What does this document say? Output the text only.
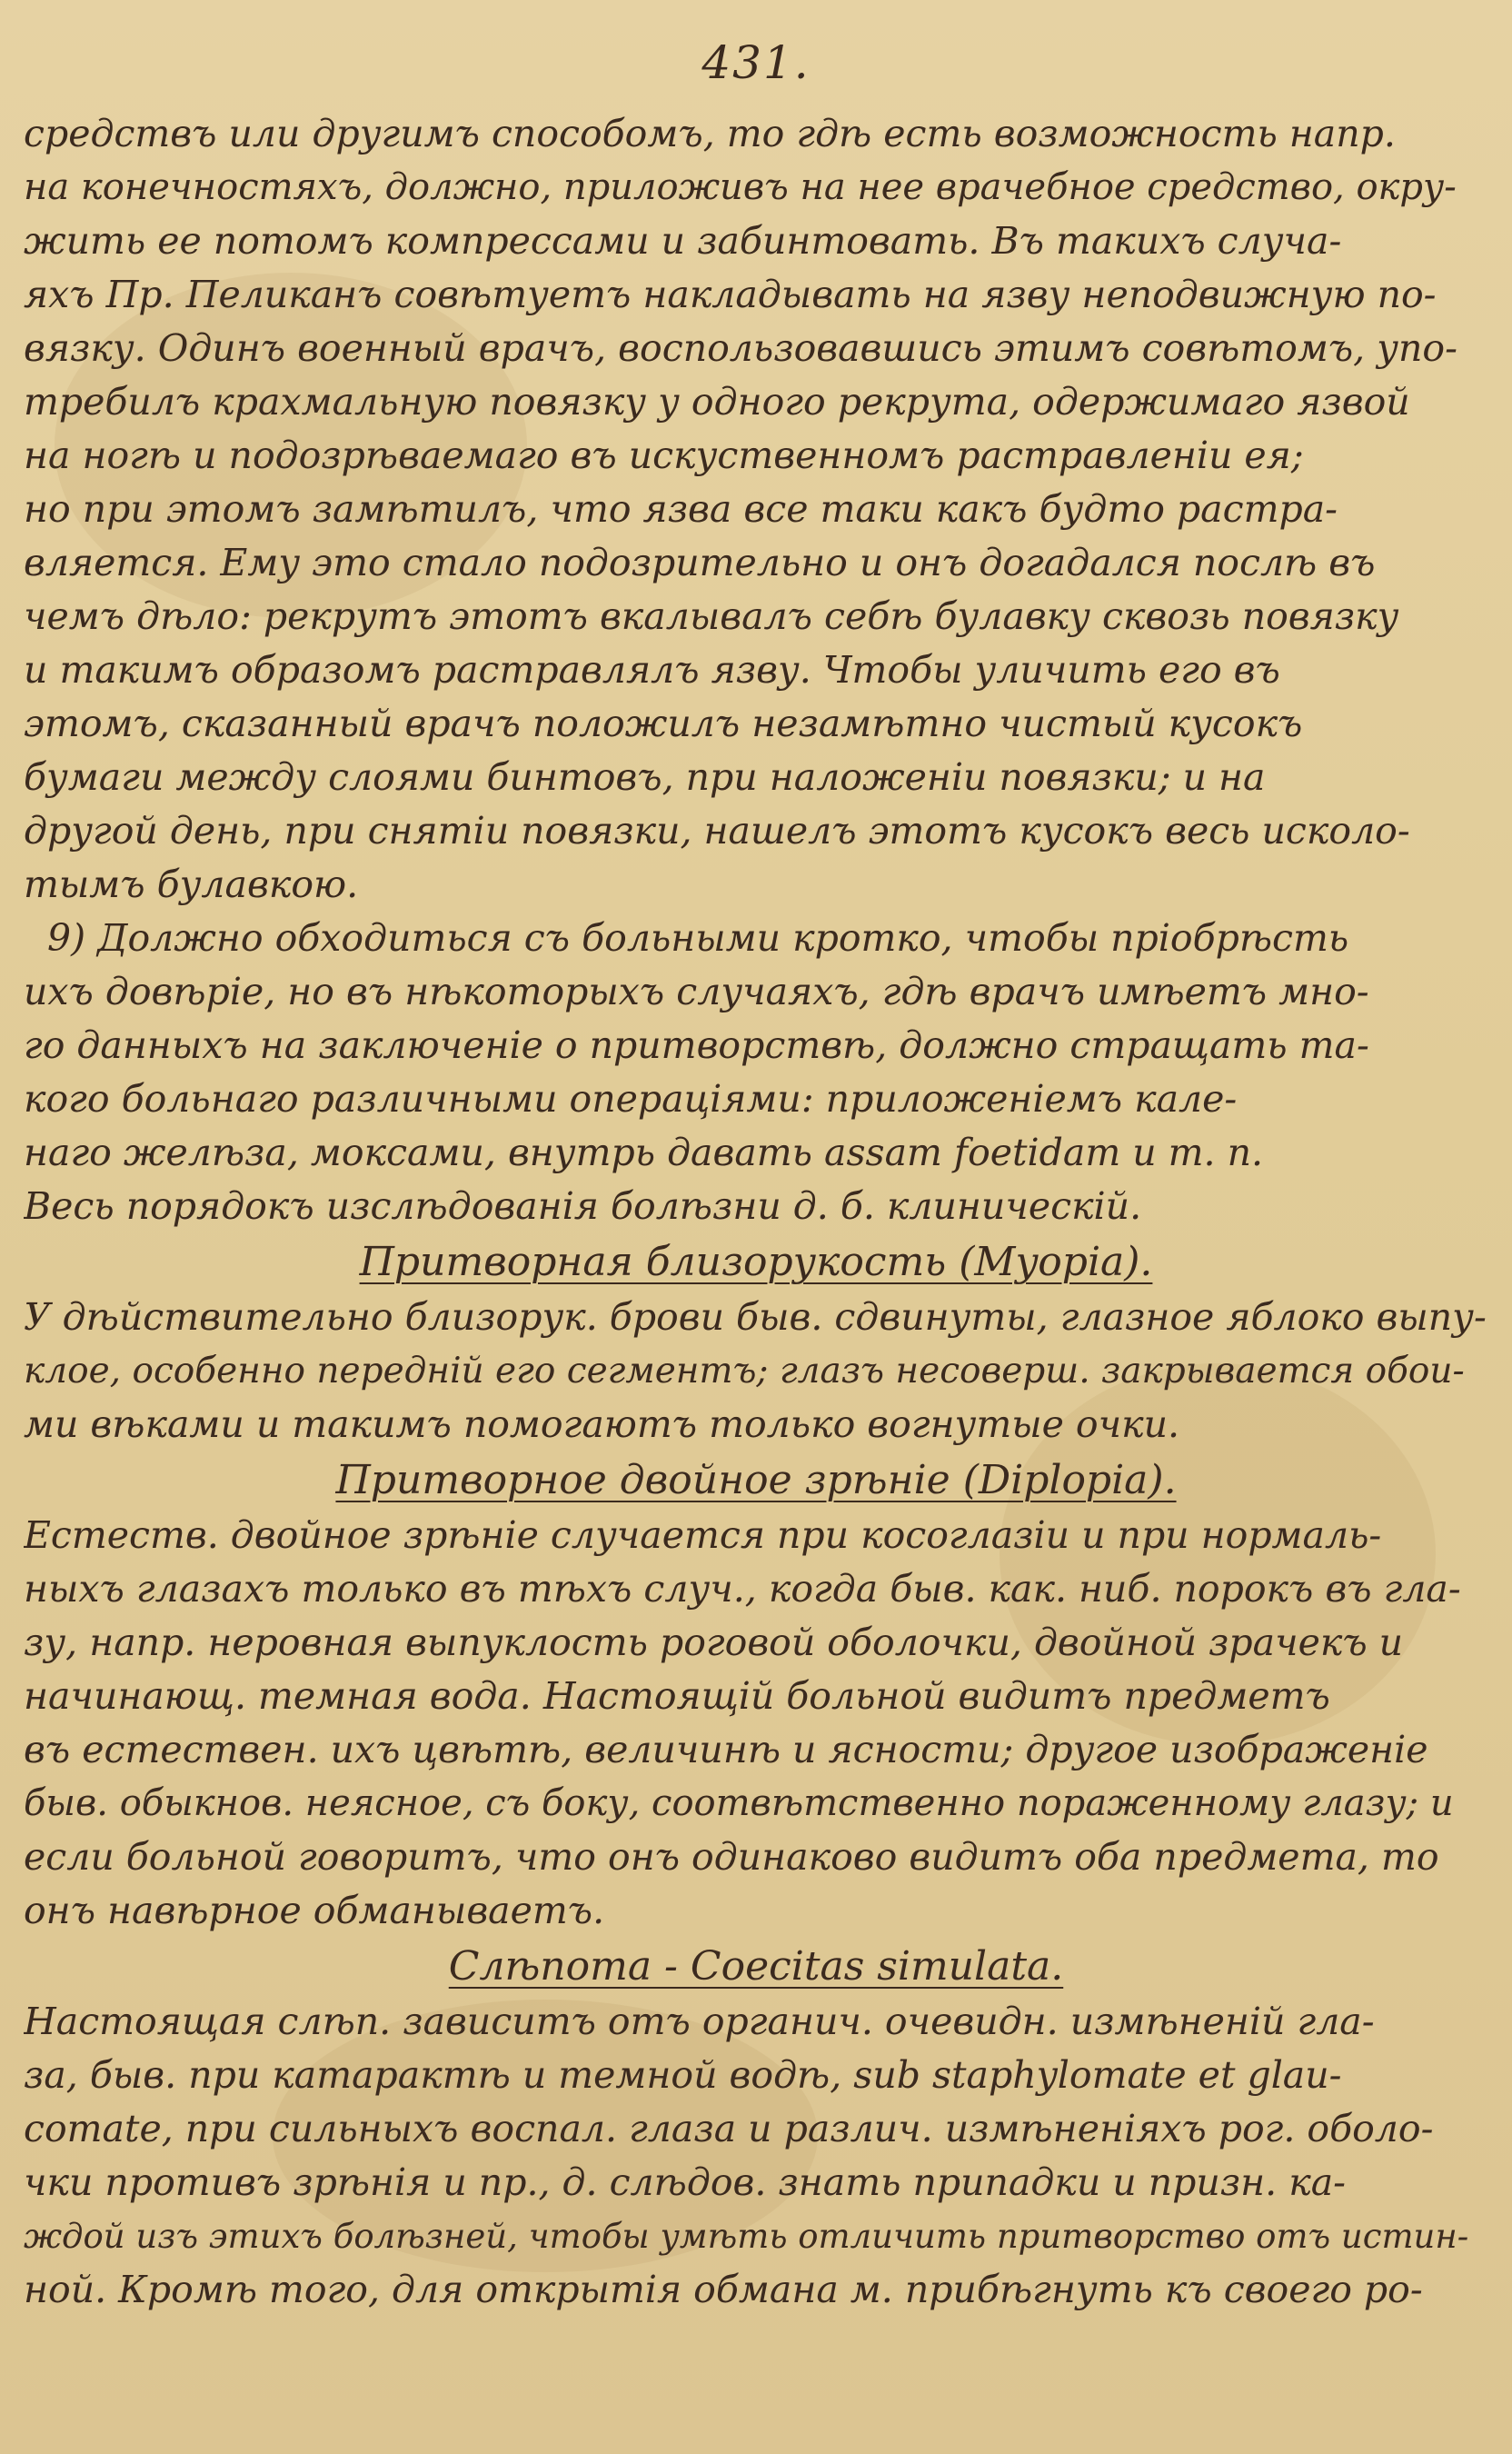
431.
средствъ или другимъ способомъ, то гдѣ есть возможность напр.
на конечностяхъ, должно, приложивъ на нее врачебное средство, окру-
жить ее потомъ компрессами и забинтовать. Въ такихъ случа-
яхъ Пр. Пеликанъ совѣтуетъ накладывать на язву неподвижную по-
вязку. Одинъ военный врачъ, воспользовавшись этимъ совѣтомъ, упо-
требилъ крахмальную повязку у одного рекрута, одержимаго язвой
на ногѣ и подозрѣваемаго въ искуственномъ растравленiи ея;
но при этомъ замѣтилъ, что язва все таки какъ будто растра-
вляется. Ему это стало подозрительно и онъ догадался послѣ въ
чемъ дѣло: рекрутъ этотъ вкалывалъ себѣ булавку сквозь повязку
и такимъ образомъ растравлялъ язву. Чтобы уличить его въ
этомъ, сказанный врачъ положилъ незамѣтно чистый кусокъ
бумаги между слоями бинтовъ, при наложенiи повязки; и на
другой день, при снятiи повязки, нашелъ этотъ кусокъ весь исколо-
тымъ булавкою.
9) Должно обходиться съ больными кротко, чтобы прiобрѣсть
ихъ довѣрiе, но въ нѣкоторыхъ случаяхъ, гдѣ врачъ имѣетъ мно-
го данныхъ на заключенiе о притворствѣ, должно стращать та-
кого больнаго различными операцiями: приложенiемъ кале-
наго желѣза, моксами, внутрь давать assam foetidam и т. п.
Весь порядокъ изслѣдованiя болѣзни д. б. клиническiй.
Притворная близорукость (Myopia).
У дѣйствительно близорук. брови быв. сдвинуты, глазное яблоко выпу-
клое, особенно переднiй его сегментъ; глазъ несоверш. закрывается обои-
ми вѣками и такимъ помогаютъ только вогнутые очки.
Притворное двойное зрѣнiе (Diplopia).
Естеств. двойное зрѣнiе случается при косоглазiи и при нормаль-
ныхъ глазахъ только въ тѣхъ случ., когда быв. как. ниб. порокъ въ гла-
зу, напр. неровная выпуклость роговой оболочки, двойной зрачекъ и
начинающ. темная вода. Настоящiй больной видитъ предметъ
въ естествен. ихъ цвѣтѣ, величинѣ и ясности; другое изображенiе
быв. обыкнов. неясное, съ боку, соотвѣтственно пораженному глазу; и
если больной говоритъ, что онъ одинаково видитъ оба предмета, то
онъ навѣрное обманываетъ.
Слѣпота - Coecitas simulata.
Настоящая слѣп. зависитъ отъ органич. очевидн. измѣненiй гла-
за, быв. при катарактѣ и темной водѣ, sub staphylomate et glau-
comate, при сильныхъ воспал. глаза и различ. измѣненiяхъ рог. оболо-
чки противъ зрѣнiя и пр., д. слѣдов. знать припадки и призн. ка-
ждой изъ этихъ болѣзней, чтобы умѣть отличить притворство отъ истин-
ной. Кромѣ того, для открытiя обмана м. прибѣгнуть къ своего ро-
